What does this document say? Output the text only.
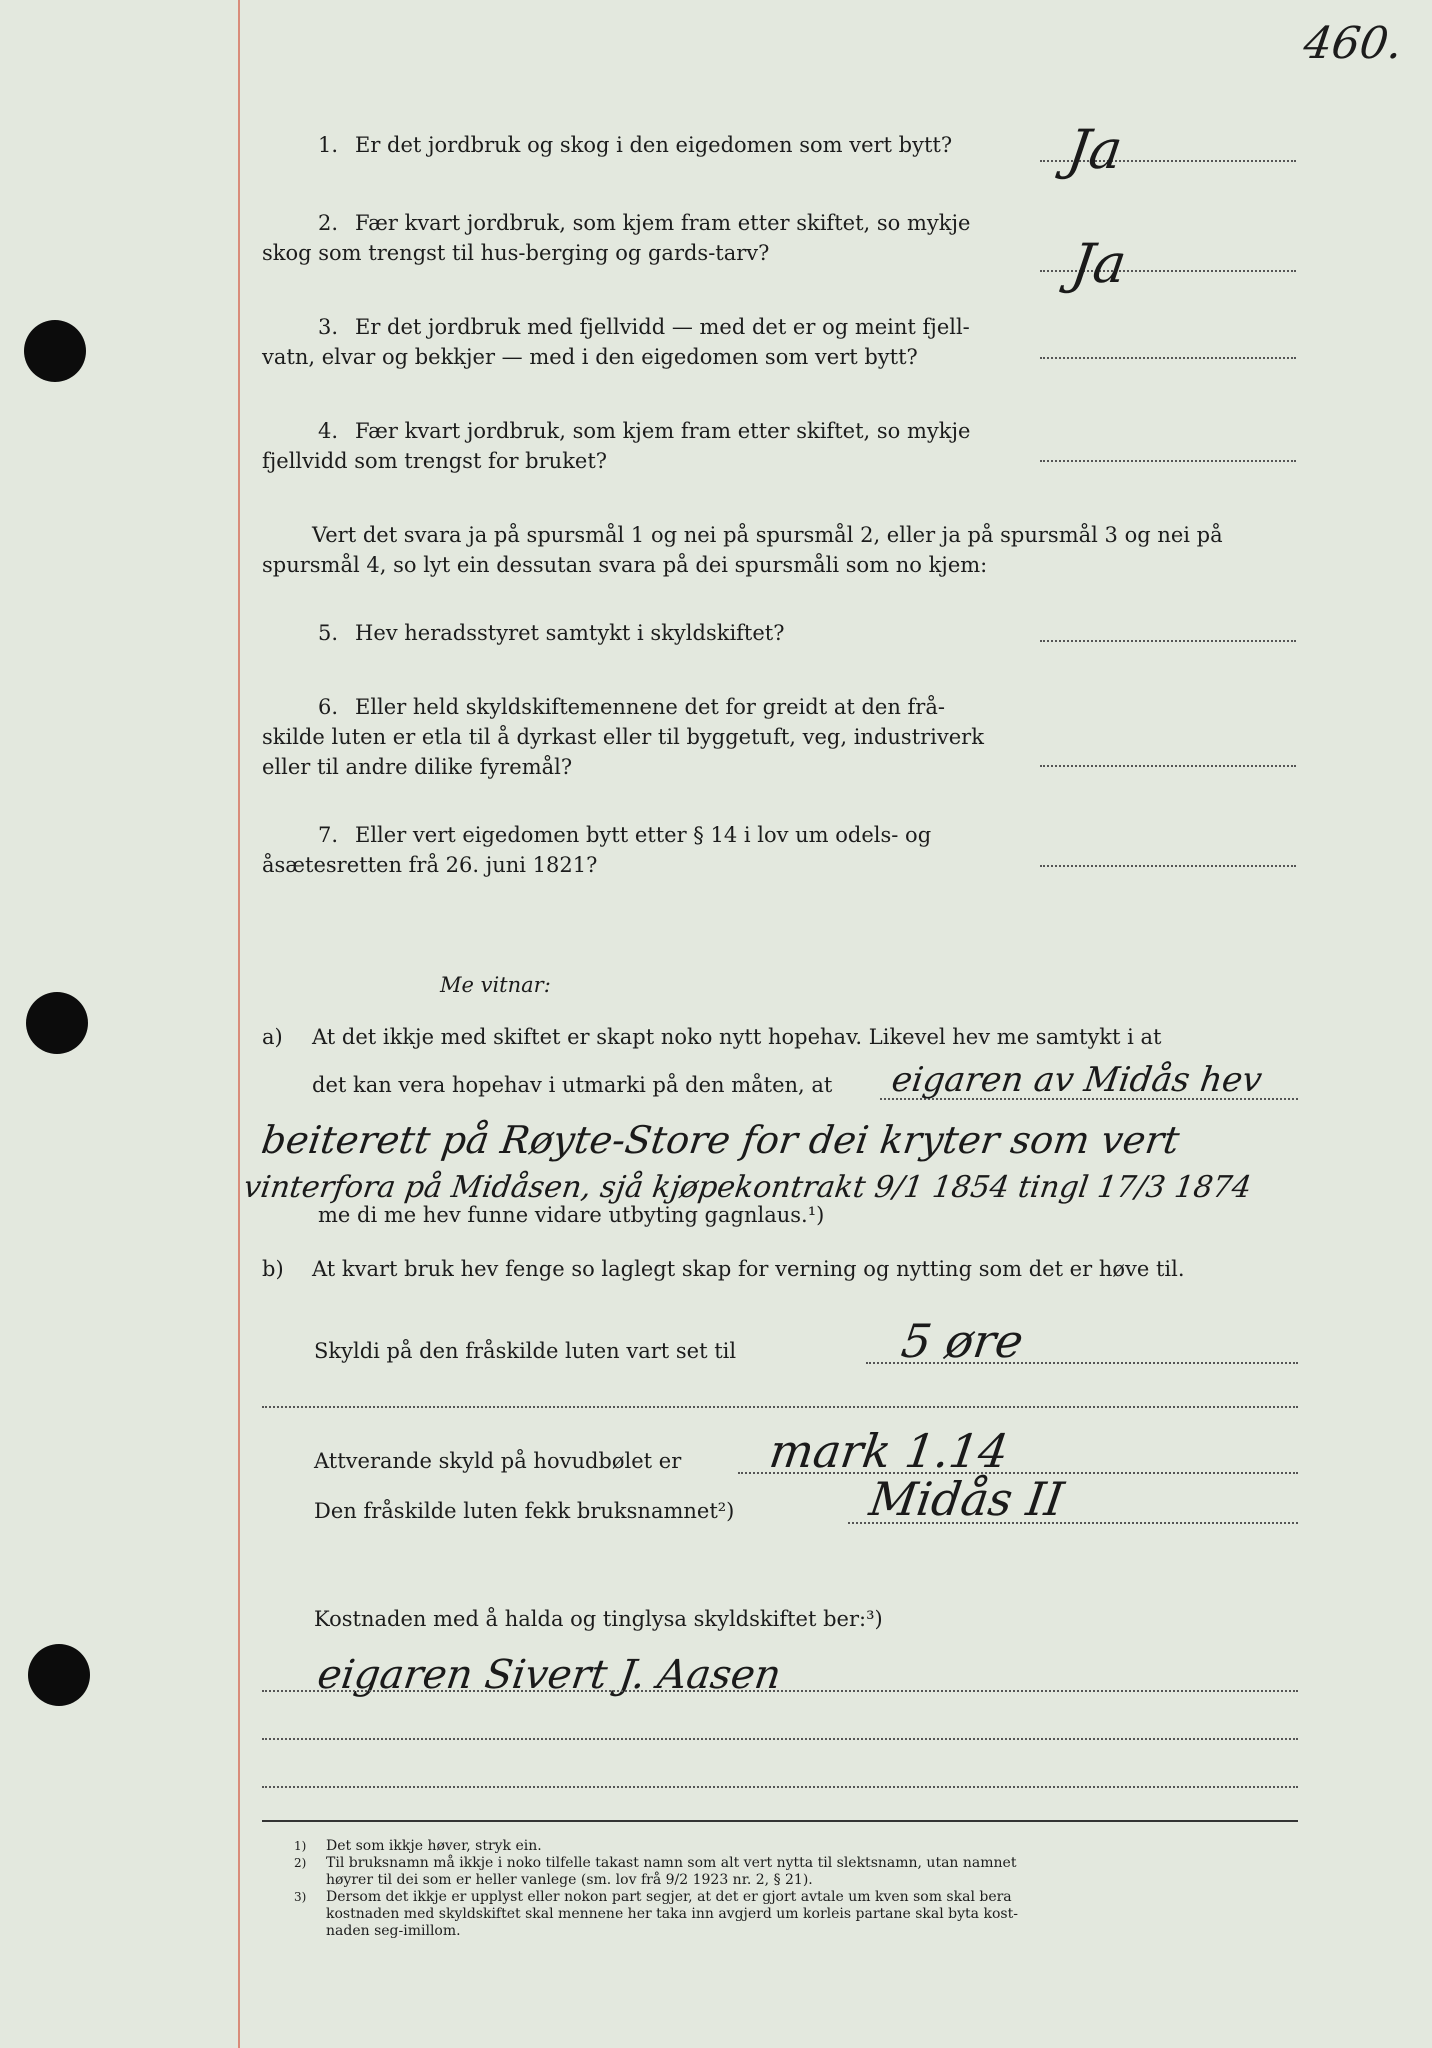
460.
1. Er det jordbruk og skog i den eigedomen som vert bytt? Ja
2. Fær kvart jordbruk, som kjem fram etter skiftet, so mykje
skog som trengst til hus-berging og gards-tarv?	Ja
3. Er det jordbruk med fjellvidd — med det er og meint fjell-
vatn, elvar og bekkjer — med i den eigedomen som vert bytt?
4. Fær kvart jordbruk, som kjem fram etter skiftet, so mykje
fjellvidd som trengst for bruket?
Vert det svara ja på spursmål 1 og nei på spursmål 2, eller ja på spursmål 3 og nei på
spursmål 4, so lyt ein dessutan svara på dei spursmåli som no kjem:
5. Hev heradsstyret samtykt i skyldskiftet?
6. Eller held skyldskiftemennene det for greidt at den frå-
skilde luten er etla til å dyrkast eller til byggetuft, veg, industriverk
eller til andre dilike fyremål?
7. Eller vert eigedomen bytt etter § 14 i lov um odels- og
åsætesretten frå 26. juni 1821?
Me vitnar:
a) At det ikkje med skiftet er skapt noko nytt hopehav. Likevel hev me samtykt i at
det kan vera hopehav i utmarki på den måten, at eigaren av Midås hev
beiterett på Røyte-Store for dei kryter som vert
vinterfora på Midåsen, sjå kjøpekontrakt 9/1 1854 tingl 17/3 1874
me di me hev funne vidare utbyting gagnlaus.¹)
b) At kvart bruk hev fenge so laglegt skap for verning og nytting som det er høve til.
Skyldi på den fråskilde luten vart set til	5 øre
Attverande skyld på hovudbølet er mark 1.14
Den fråskilde luten fekk bruksnamnet²)	Midås II
Kostnaden med å halda og tinglysa skyldskiftet ber:³)
eigaren Sivert J. Aasen
1) Det som ikkje høver, stryk ein.
2) Til bruksnamn må ikkje i noko tilfelle takast namn som alt vert nytta til slektsnamn, utan namnet
høyrer til dei som er heller vanlege (sm. lov frå 9/2 1923 nr. 2, § 21).
3) Dersom det ikkje er upplyst eller nokon part segjer, at det er gjort avtale um kven som skal bera
kostnaden med skyldskiftet skal mennene her taka inn avgjerd um korleis partane skal byta kost-
naden seg-imillom.
